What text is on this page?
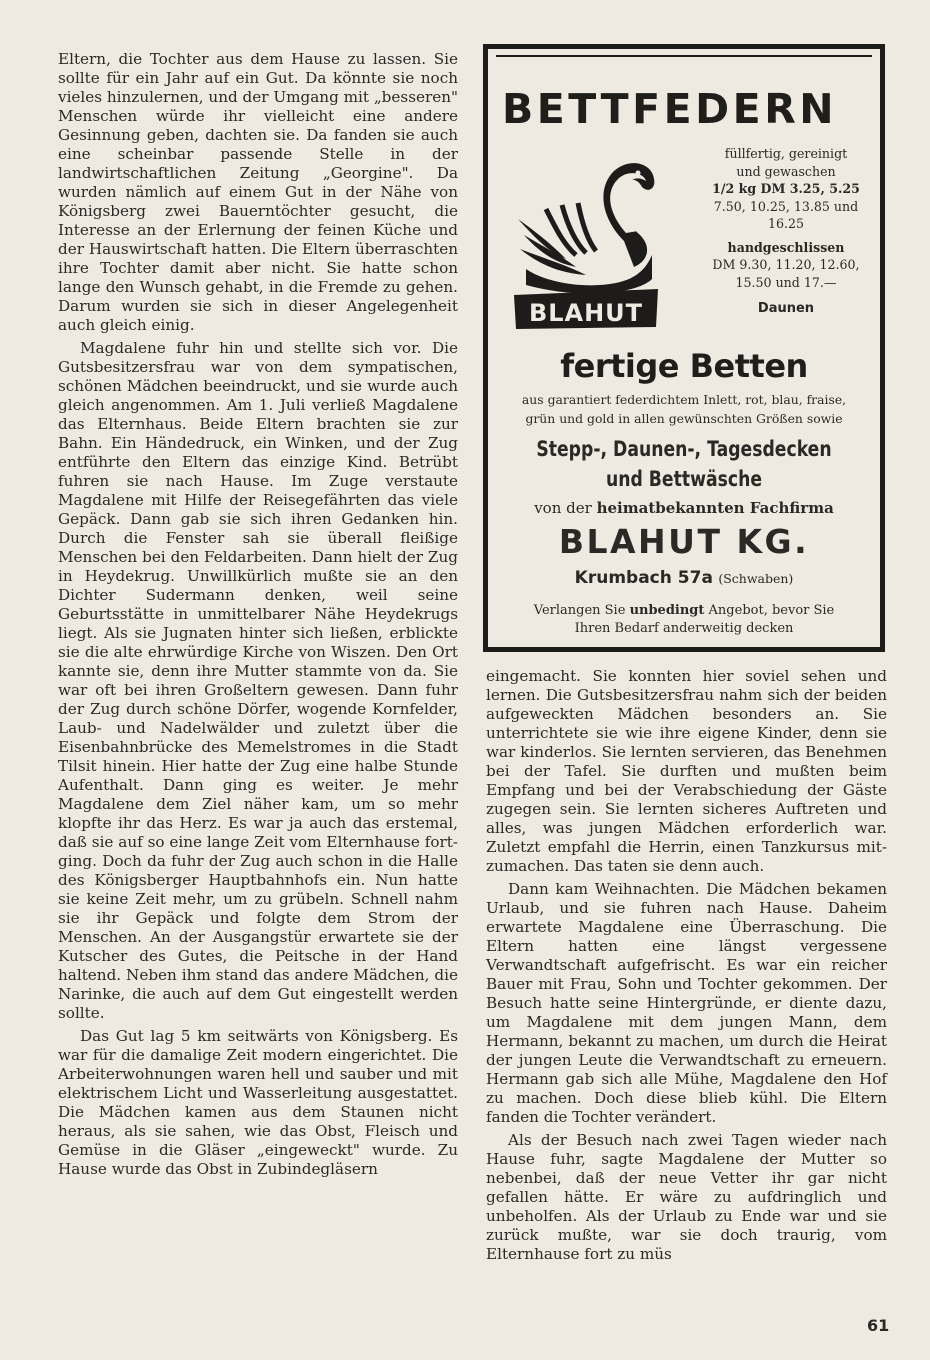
Eltern, die Tochter aus dem Hause zu lassen. Sie sollte für ein Jahr auf ein Gut. Da könnte sie noch vieles hinzulernen, und der Umgang mit „besseren" Menschen würde ihr vielleicht eine andere Gesinnung geben, dachten sie. Da fanden sie auch eine scheinbar passende Stelle in der landwirtschaftlichen Zeitung „Georgine". Da wurden nämlich auf einem Gut in der Nähe von Königsberg zwei Bauerntöchter gesucht, die Interesse an der Erlernung der feinen Küche und der Hauswirtschaft hatten. Die Eltern überraschten ihre Tochter damit aber nicht. Sie hatte schon lange den Wunsch gehabt, in die Fremde zu gehen. Darum wurden sie sich in dieser Angelegenheit auch gleich einig.

Magdalene fuhr hin und stellte sich vor. Die Gutsbesitzersfrau war von dem sympatischen, schönen Mädchen beeindruckt, und sie wurde auch gleich angenommen. Am 1. Juli verließ Magdalene das Elternhaus. Beide Eltern brachten sie zur Bahn. Ein Händedruck, ein Winken, und der Zug entführte den Eltern das einzige Kind. Betrübt fuhren sie nach Hause. Im Zuge verstaute Magdalene mit Hilfe der Reisegefährten das viele Gepäck. Dann gab sie sich ihren Gedanken hin. Durch die Fenster sah sie überall fleißige Menschen bei den Feldarbeiten. Dann hielt der Zug in Heydekrug. Unwillkürlich mußte sie an den Dichter Sudermann denken, weil seine Geburtsstätte in unmittelbarer Nähe Heydekrugs liegt. Als sie Jugnaten hinter sich ließen, erblickte sie die alte ehrwürdige Kirche von Wiszen. Den Ort kannte sie, denn ihre Mutter stammte von da. Sie war oft bei ihren Großeltern gewesen. Dann fuhr der Zug durch schöne Dörfer, wogende Kornfelder, Laub- und Nadelwälder und zuletzt über die Eisenbahnbrücke des Memelstromes in die Stadt Tilsit hinein. Hier hatte der Zug eine halbe Stunde Aufenthalt. Dann ging es weiter. Je mehr Magdalene dem Ziel näher kam, um so mehr klopfte ihr das Herz. Es war ja auch das erstemal, daß sie auf so eine lange Zeit vom Elternhause fortging. Doch da fuhr der Zug auch schon in die Halle des Königsberger Hauptbahnhofs ein. Nun hatte sie keine Zeit mehr, um zu grübeln. Schnell nahm sie ihr Gepäck und folgte dem Strom der Menschen. An der Ausgangstür erwartete sie der Kutscher des Gutes, die Peitsche in der Hand haltend. Neben ihm stand das andere Mädchen, die Narinke, die auch auf dem Gut eingestellt werden sollte.

Das Gut lag 5 km seitwärts von Königsberg. Es war für die damalige Zeit modern eingerichtet. Die Arbeiterwohnungen waren hell und sauber und mit elektrischem Licht und Wasserleitung ausgestattet. Die Mädchen kamen aus dem Staunen nicht heraus, als sie sahen, wie das Obst, Fleisch und Gemüse in die Gläser „eingeweckt" wurde. Zu Hause wurde das Obst in Zubindegläsern

BETTFEDERN
BLAHUT
füllfertig, gereinigt
und gewaschen
1/2 kg DM 3.25, 5.25
7.50, 10.25, 13.85 und
16.25
handgeschlissen
DM 9.30, 11.20, 12.60,
15.50 und 17.—
Daunen
fertige Betten
aus garantiert federdichtem Inlett, rot, blau, fraise,
grün und gold in allen gewünschten Größen sowie
Stepp-, Daunen-, Tagesdecken
und Bettwäsche
von der heimatbekannten Fachfirma
BLAHUT KG.
Krumbach 57a (Schwaben)
Verlangen Sie unbedingt Angebot, bevor Sie
Ihren Bedarf anderweitig decken

eingemacht. Sie konnten hier soviel sehen und lernen. Die Gutsbesitzersfrau nahm sich der beiden aufgeweckten Mädchen besonders an. Sie unterrichtete sie wie ihre eigene Kinder, denn sie war kinderlos. Sie lernten servieren, das Benehmen bei der Tafel. Sie durften und mußten beim Empfang und bei der Verabschiedung der Gäste zugegen sein. Sie lernten sicheres Auftreten und alles, was jungen Mädchen erforderlich war. Zuletzt empfahl die Herrin, einen Tanzkursus mitzumachen. Das taten sie denn auch.

Dann kam Weihnachten. Die Mädchen bekamen Urlaub, und sie fuhren nach Hause. Daheim erwartete Magdalene eine Überraschung. Die Eltern hatten eine längst vergessene Verwandtschaft aufgefrischt. Es war ein reicher Bauer mit Frau, Sohn und Tochter gekommen. Der Besuch hatte seine Hintergründe, er diente dazu, um Magdalene mit dem jungen Mann, dem Hermann, bekannt zu machen, um durch die Heirat der jungen Leute die Verwandtschaft zu erneuern. Hermann gab sich alle Mühe, Magdalene den Hof zu machen. Doch diese blieb kühl. Die Eltern fanden die Tochter verändert.

Als der Besuch nach zwei Tagen wieder nach Hause fuhr, sagte Magdalene der Mutter so nebenbei, daß der neue Vetter ihr gar nicht gefallen hätte. Er wäre zu aufdringlich und unbeholfen. Als der Urlaub zu Ende war und sie zurück mußte, war sie doch traurig, vom Elternhause fort zu müs

61
